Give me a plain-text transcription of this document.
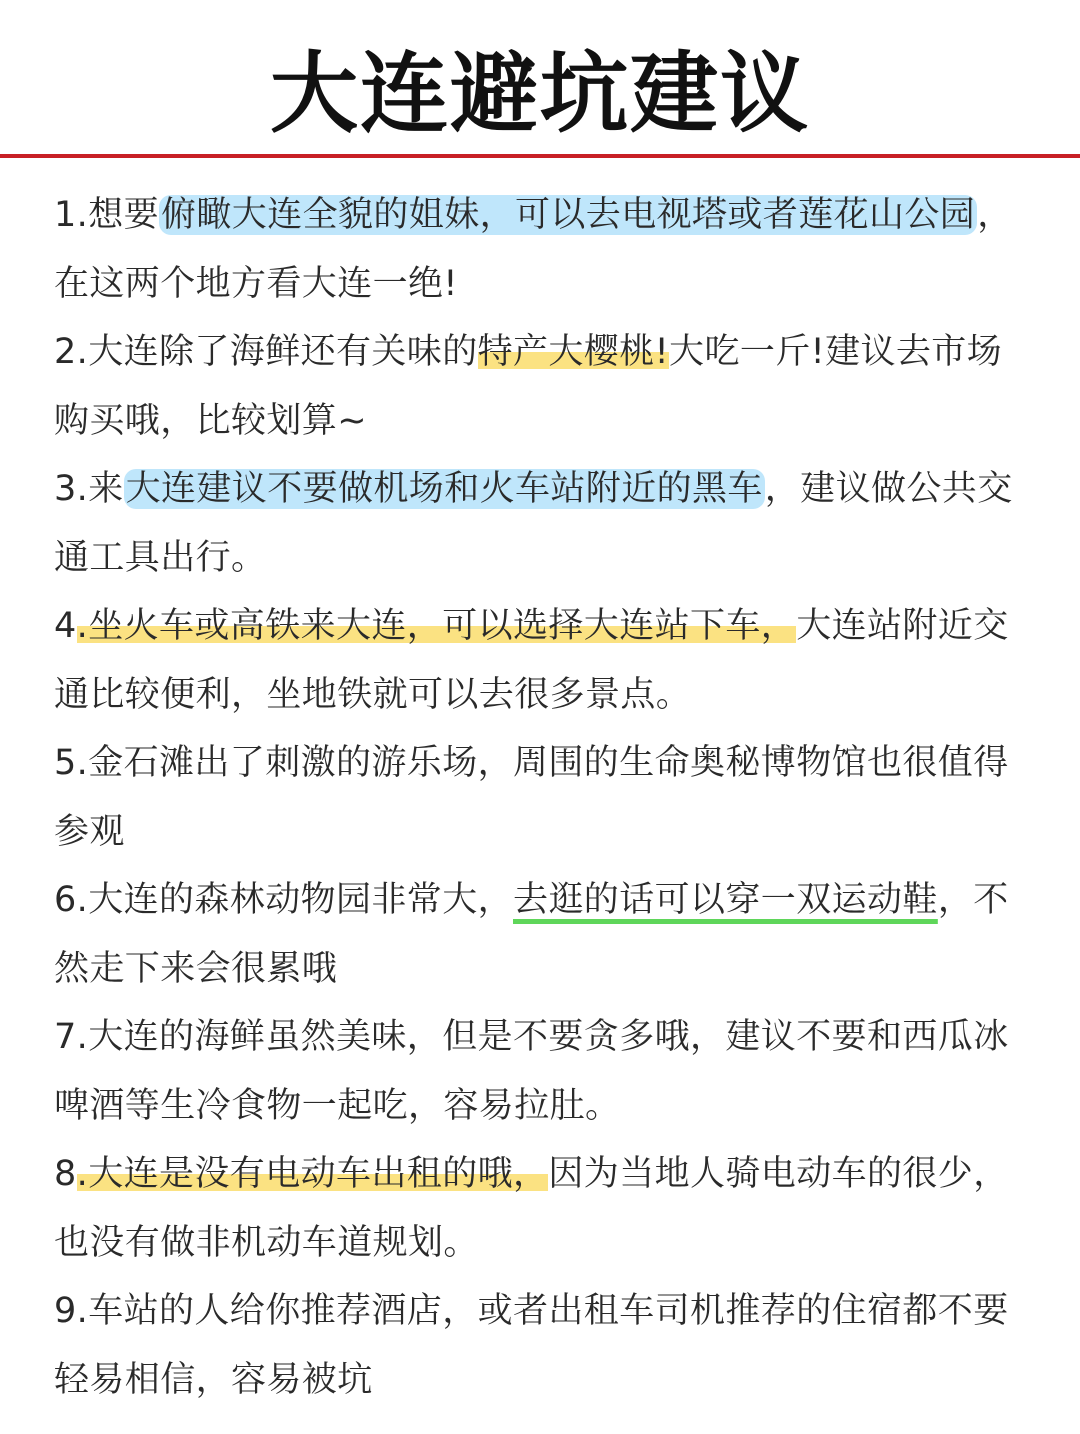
大连避坑建议

1.想要俯瞰大连全貌的姐妹，可以去电视塔或者莲花山公园，在这两个地方看大连一绝!

2.大连除了海鲜还有关味的特产大樱桃!大吃一斤!建议去市场购买哦，比较划算~

3.来大连建议不要做机场和火车站附近的黑车，建议做公共交通工具出行。

4.坐火车或高铁来大连，可以选择大连站下车，大连站附近交通比较便利，坐地铁就可以去很多景点。

5.金石滩出了刺激的游乐场，周围的生命奥秘博物馆也很值得参观

6.大连的森林动物园非常大，去逛的话可以穿一双运动鞋，不然走下来会很累哦

7.大连的海鲜虽然美味，但是不要贪多哦，建议不要和西瓜冰啤酒等生冷食物一起吃，容易拉肚。

8.大连是没有电动车出租的哦，因为当地人骑电动车的很少，也没有做非机动车道规划。

9.车站的人给你推荐酒店，或者出租车司机推荐的住宿都不要轻易相信，容易被坑
